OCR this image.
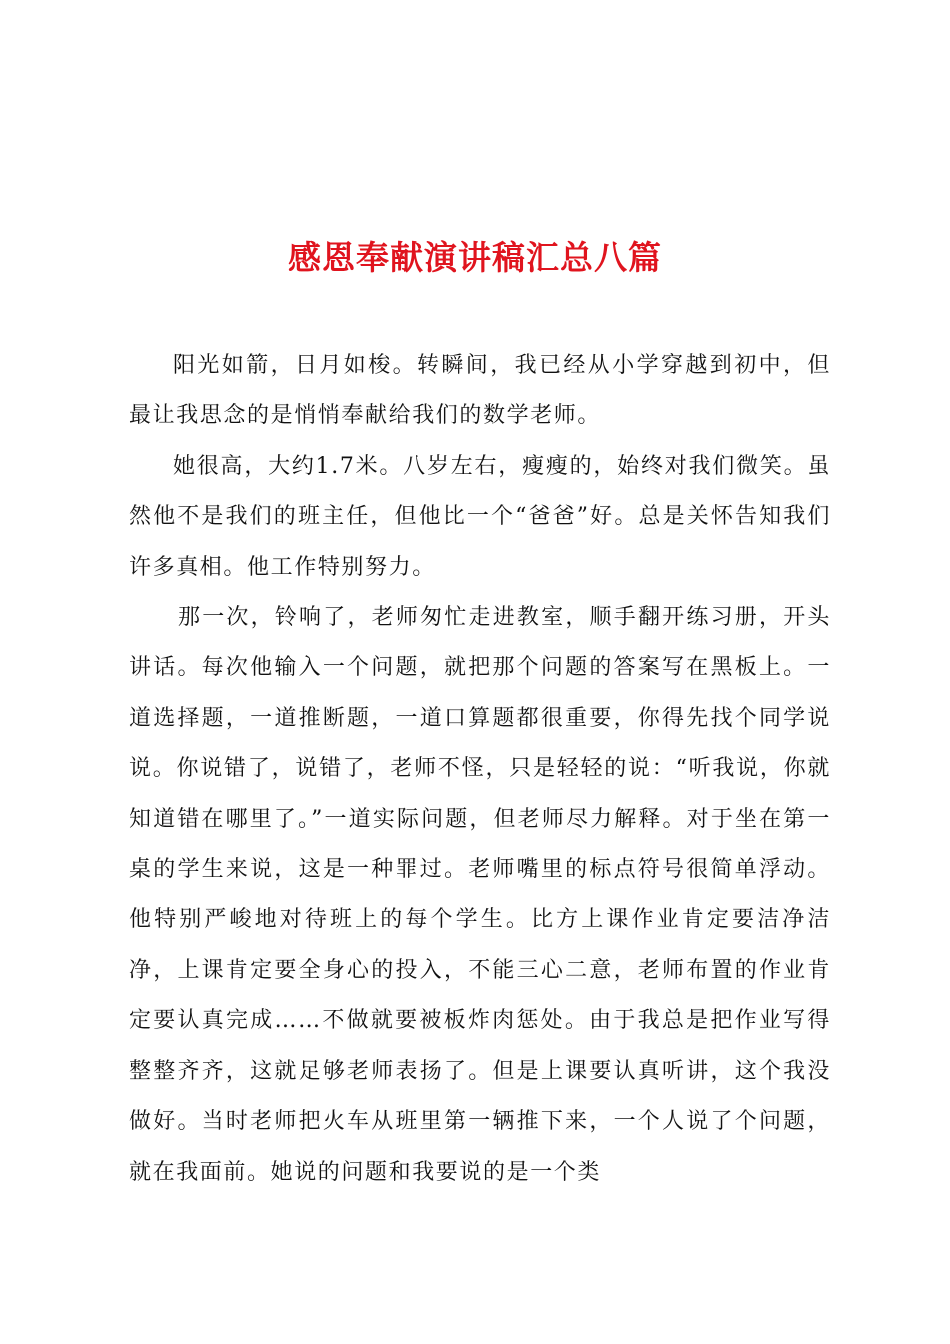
感恩奉献演讲稿汇总八篇

阳光如箭，日月如梭。转瞬间，我已经从小学穿越到初中，但最让我思念的是悄悄奉献给我们的数学老师。

她很高，大约1.7米。八岁左右，瘦瘦的，始终对我们微笑。虽然他不是我们的班主任，但他比一个“爸爸”好。总是关怀告知我们许多真相。他工作特别努力。

那一次，铃响了，老师匆忙走进教室，顺手翻开练习册，开头讲话。每次他输入一个问题，就把那个问题的答案写在黑板上。一道选择题，一道推断题，一道口算题都很重要，你得先找个同学说说。你说错了，说错了，老师不怪，只是轻轻的说：“听我说，你就知道错在哪里了。”一道实际问题，但老师尽力解释。对于坐在第一桌的学生来说，这是一种罪过。老师嘴里的标点符号很简单浮动。他特别严峻地对待班上的每个学生。比方上课作业肯定要洁净洁净，上课肯定要全身心的投入，不能三心二意，老师布置的作业肯定要认真完成……不做就要被板炸肉惩处。由于我总是把作业写得整整齐齐，这就足够老师表扬了。但是上课要认真听讲，这个我没做好。当时老师把火车从班里第一辆推下来，一个人说了个问题，就在我面前。她说的问题和我要说的是一个类
